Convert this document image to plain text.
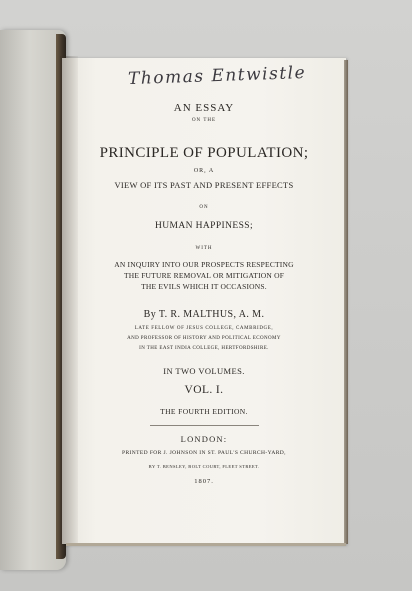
Thomas Entwistle
AN ESSAY
ON THE
PRINCIPLE OF POPULATION;
OR, A
VIEW OF ITS PAST AND PRESENT EFFECTS
ON
HUMAN HAPPINESS;
WITH
AN INQUIRY INTO OUR PROSPECTS RESPECTING
THE FUTURE REMOVAL OR MITIGATION OF
THE EVILS WHICH IT OCCASIONS.
By T. R. MALTHUS, A. M.
LATE FELLOW OF JESUS COLLEGE, CAMBRIDGE,
AND PROFESSOR OF HISTORY AND POLITICAL ECONOMY
IN THE EAST INDIA COLLEGE, HERTFORDSHIRE.
IN TWO VOLUMES.
VOL. I.
THE FOURTH EDITION.
LONDON:
PRINTED FOR J. JOHNSON IN ST. PAUL'S CHURCH-YARD,
BY T. BENSLEY, BOLT COURT, FLEET STREET.
1807.
